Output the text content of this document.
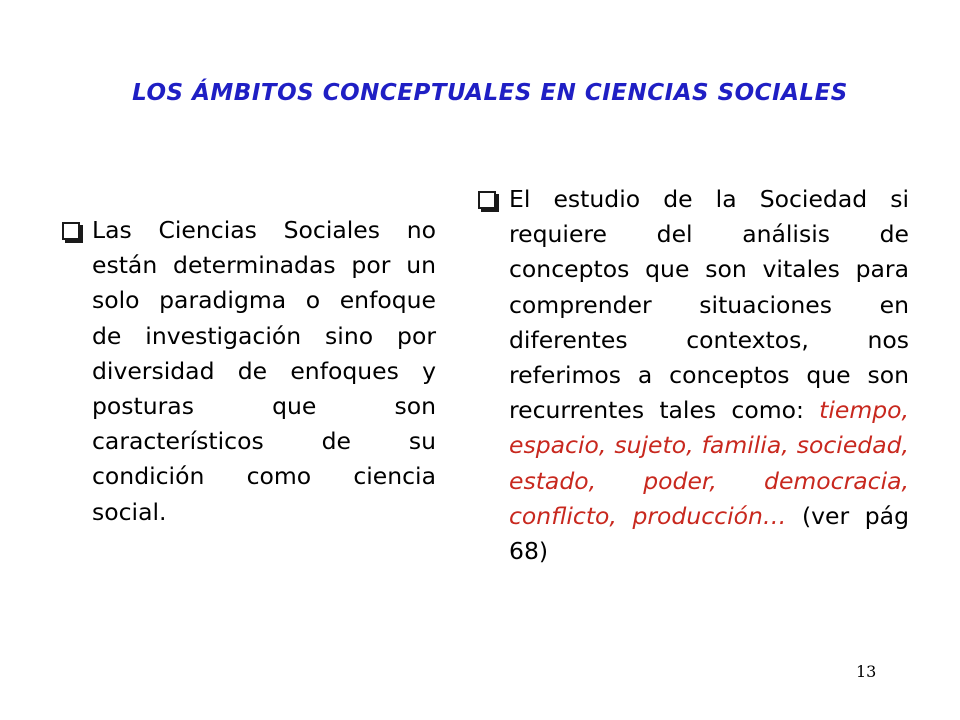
LOS ÁMBITOS CONCEPTUALES EN CIENCIAS SOCIALES
Las Ciencias Sociales no están determinadas por un solo paradigma o enfoque de investigación sino por diversidad de enfoques y posturas que son característicos de su condición como ciencia social.
El estudio de la Sociedad si requiere del análisis de conceptos que son vitales para comprender situaciones en diferentes contextos, nos referimos a conceptos que son recurrentes tales como: tiempo, espacio, sujeto, familia, sociedad, estado, poder, democracia, conflicto, producción… (ver pág 68)
13
